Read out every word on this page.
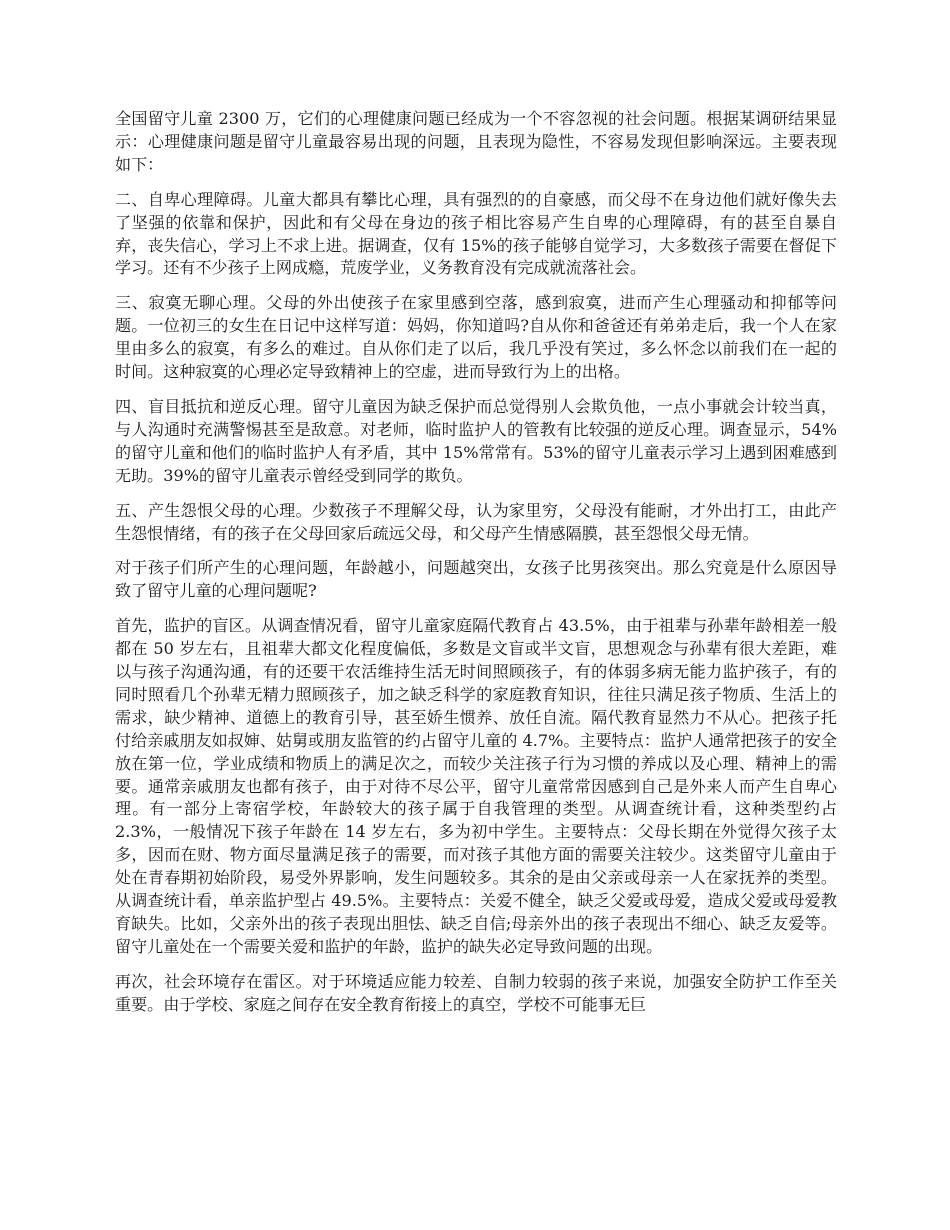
全国留守儿童 2300 万，它们的心理健康问题已经成为一个不容忽视的社会问题。根据某调研结果显示：心理健康问题是留守儿童最容易出现的问题，且表现为隐性，不容易发现但影响深远。主要表现如下：

二、自卑心理障碍。儿童大都具有攀比心理，具有强烈的的自豪感，而父母不在身边他们就好像失去了坚强的依靠和保护，因此和有父母在身边的孩子相比容易产生自卑的心理障碍，有的甚至自暴自弃，丧失信心，学习上不求上进。据调查，仅有 15%的孩子能够自觉学习，大多数孩子需要在督促下学习。还有不少孩子上网成瘾，荒废学业，义务教育没有完成就流落社会。

三、寂寞无聊心理。父母的外出使孩子在家里感到空落，感到寂寞，进而产生心理骚动和抑郁等问题。一位初三的女生在日记中这样写道：妈妈，你知道吗?自从你和爸爸还有弟弟走后，我一个人在家里由多么的寂寞，有多么的难过。自从你们走了以后，我几乎没有笑过，多么怀念以前我们在一起的时间。这种寂寞的心理必定导致精神上的空虚，进而导致行为上的出格。

四、盲目抵抗和逆反心理。留守儿童因为缺乏保护而总觉得别人会欺负他，一点小事就会计较当真，与人沟通时充满警惕甚至是敌意。对老师，临时监护人的管教有比较强的逆反心理。调查显示，54%的留守儿童和他们的临时监护人有矛盾，其中 15%常常有。53%的留守儿童表示学习上遇到困难感到无助。39%的留守儿童表示曾经受到同学的欺负。

五、产生怨恨父母的心理。少数孩子不理解父母，认为家里穷，父母没有能耐，才外出打工，由此产生怨恨情绪，有的孩子在父母回家后疏远父母，和父母产生情感隔膜，甚至怨恨父母无情。

对于孩子们所产生的心理问题，年龄越小，问题越突出，女孩子比男孩突出。那么究竟是什么原因导致了留守儿童的心理问题呢?

首先，监护的盲区。从调查情况看，留守儿童家庭隔代教育占 43.5%，由于祖辈与孙辈年龄相差一般都在 50 岁左右，且祖辈大都文化程度偏低，多数是文盲或半文盲，思想观念与孙辈有很大差距，难以与孩子沟通沟通，有的还要干农活维持生活无时间照顾孩子，有的体弱多病无能力监护孩子，有的同时照看几个孙辈无精力照顾孩子，加之缺乏科学的家庭教育知识，往往只满足孩子物质、生活上的需求，缺少精神、道德上的教育引导，甚至娇生惯养、放任自流。隔代教育显然力不从心。把孩子托付给亲戚朋友如叔婶、姑舅或朋友监管的约占留守儿童的 4.7%。主要特点：监护人通常把孩子的安全放在第一位，学业成绩和物质上的满足次之，而较少关注孩子行为习惯的养成以及心理、精神上的需要。通常亲戚朋友也都有孩子，由于对待不尽公平，留守儿童常常因感到自己是外来人而产生自卑心理。有一部分上寄宿学校，年龄较大的孩子属于自我管理的类型。从调查统计看，这种类型约占 2.3%，一般情况下孩子年龄在 14 岁左右，多为初中学生。主要特点：父母长期在外觉得欠孩子太多，因而在财、物方面尽量满足孩子的需要，而对孩子其他方面的需要关注较少。这类留守儿童由于处在青春期初始阶段，易受外界影响，发生问题较多。其余的是由父亲或母亲一人在家抚养的类型。从调查统计看，单亲监护型占 49.5%。主要特点：关爱不健全，缺乏父爱或母爱，造成父爱或母爱教育缺失。比如，父亲外出的孩子表现出胆怯、缺乏自信;母亲外出的孩子表现出不细心、缺乏友爱等。留守儿童处在一个需要关爱和监护的年龄，监护的缺失必定导致问题的出现。

再次，社会环境存在雷区。对于环境适应能力较差、自制力较弱的孩子来说，加强安全防护工作至关重要。由于学校、家庭之间存在安全教育衔接上的真空，学校不可能事无巨
